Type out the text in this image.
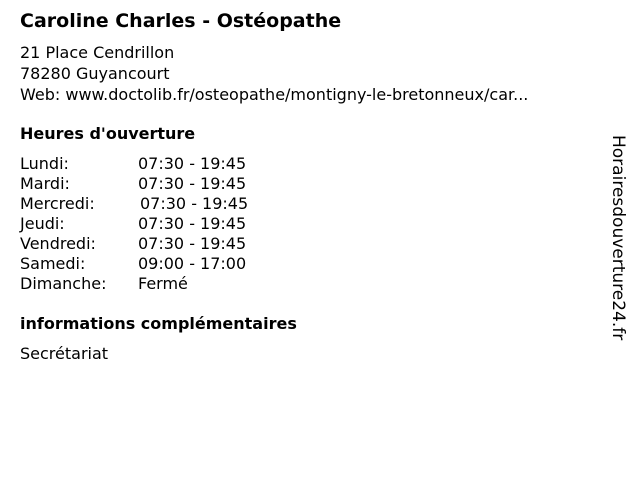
Caroline Charles - Ostéopathe
21 Place Cendrillon
78280 Guyancourt
Web: www.doctolib.fr/osteopathe/montigny-le-bretonneux/car...
Heures d'ouverture
Lundi:	07:30 - 19:45
Mardi:	07:30 - 19:45
Mercredi:	07:30 - 19:45
Jeudi:	07:30 - 19:45
Vendredi:	07:30 - 19:45
Samedi:	09:00 - 17:00
Dimanche: Fermé
informations complémentaires
Secrétariat
Horairesdouverture24.fr
